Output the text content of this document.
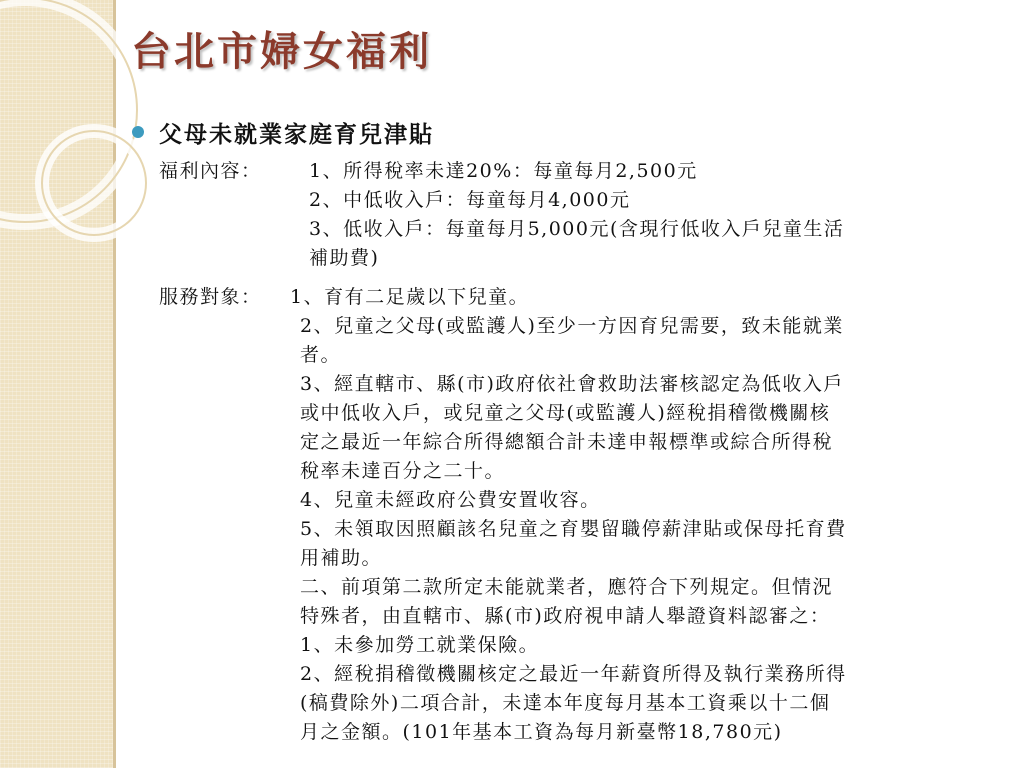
台北市婦女福利
父母未就業家庭育兒津貼
福利內容： 1、所得稅率未達20%：每童每月2,500元
2、中低收入戶：每童每月4,000元
3、低收入戶：每童每月5,000元(含現行低收入戶兒童生活
補助費)
服務對象： 1、育有二足歲以下兒童。
2、兒童之父母(或監護人)至少一方因育兒需要，致未能就業
者。
3、經直轄市、縣(市)政府依社會救助法審核認定為低收入戶
或中低收入戶，或兒童之父母(或監護人)經稅捐稽徵機關核
定之最近一年綜合所得總額合計未達申報標準或綜合所得稅
稅率未達百分之二十。
4、兒童未經政府公費安置收容。
5、未領取因照顧該名兒童之育嬰留職停薪津貼或保母托育費
用補助。
二、前項第二款所定未能就業者，應符合下列規定。但情況
特殊者，由直轄市、縣(市)政府視申請人舉證資料認審之：
1、未參加勞工就業保險。
2、經稅捐稽徵機關核定之最近一年薪資所得及執行業務所得
(稿費除外)二項合計，未達本年度每月基本工資乘以十二個
月之金額。(101年基本工資為每月新臺幣18,780元)
